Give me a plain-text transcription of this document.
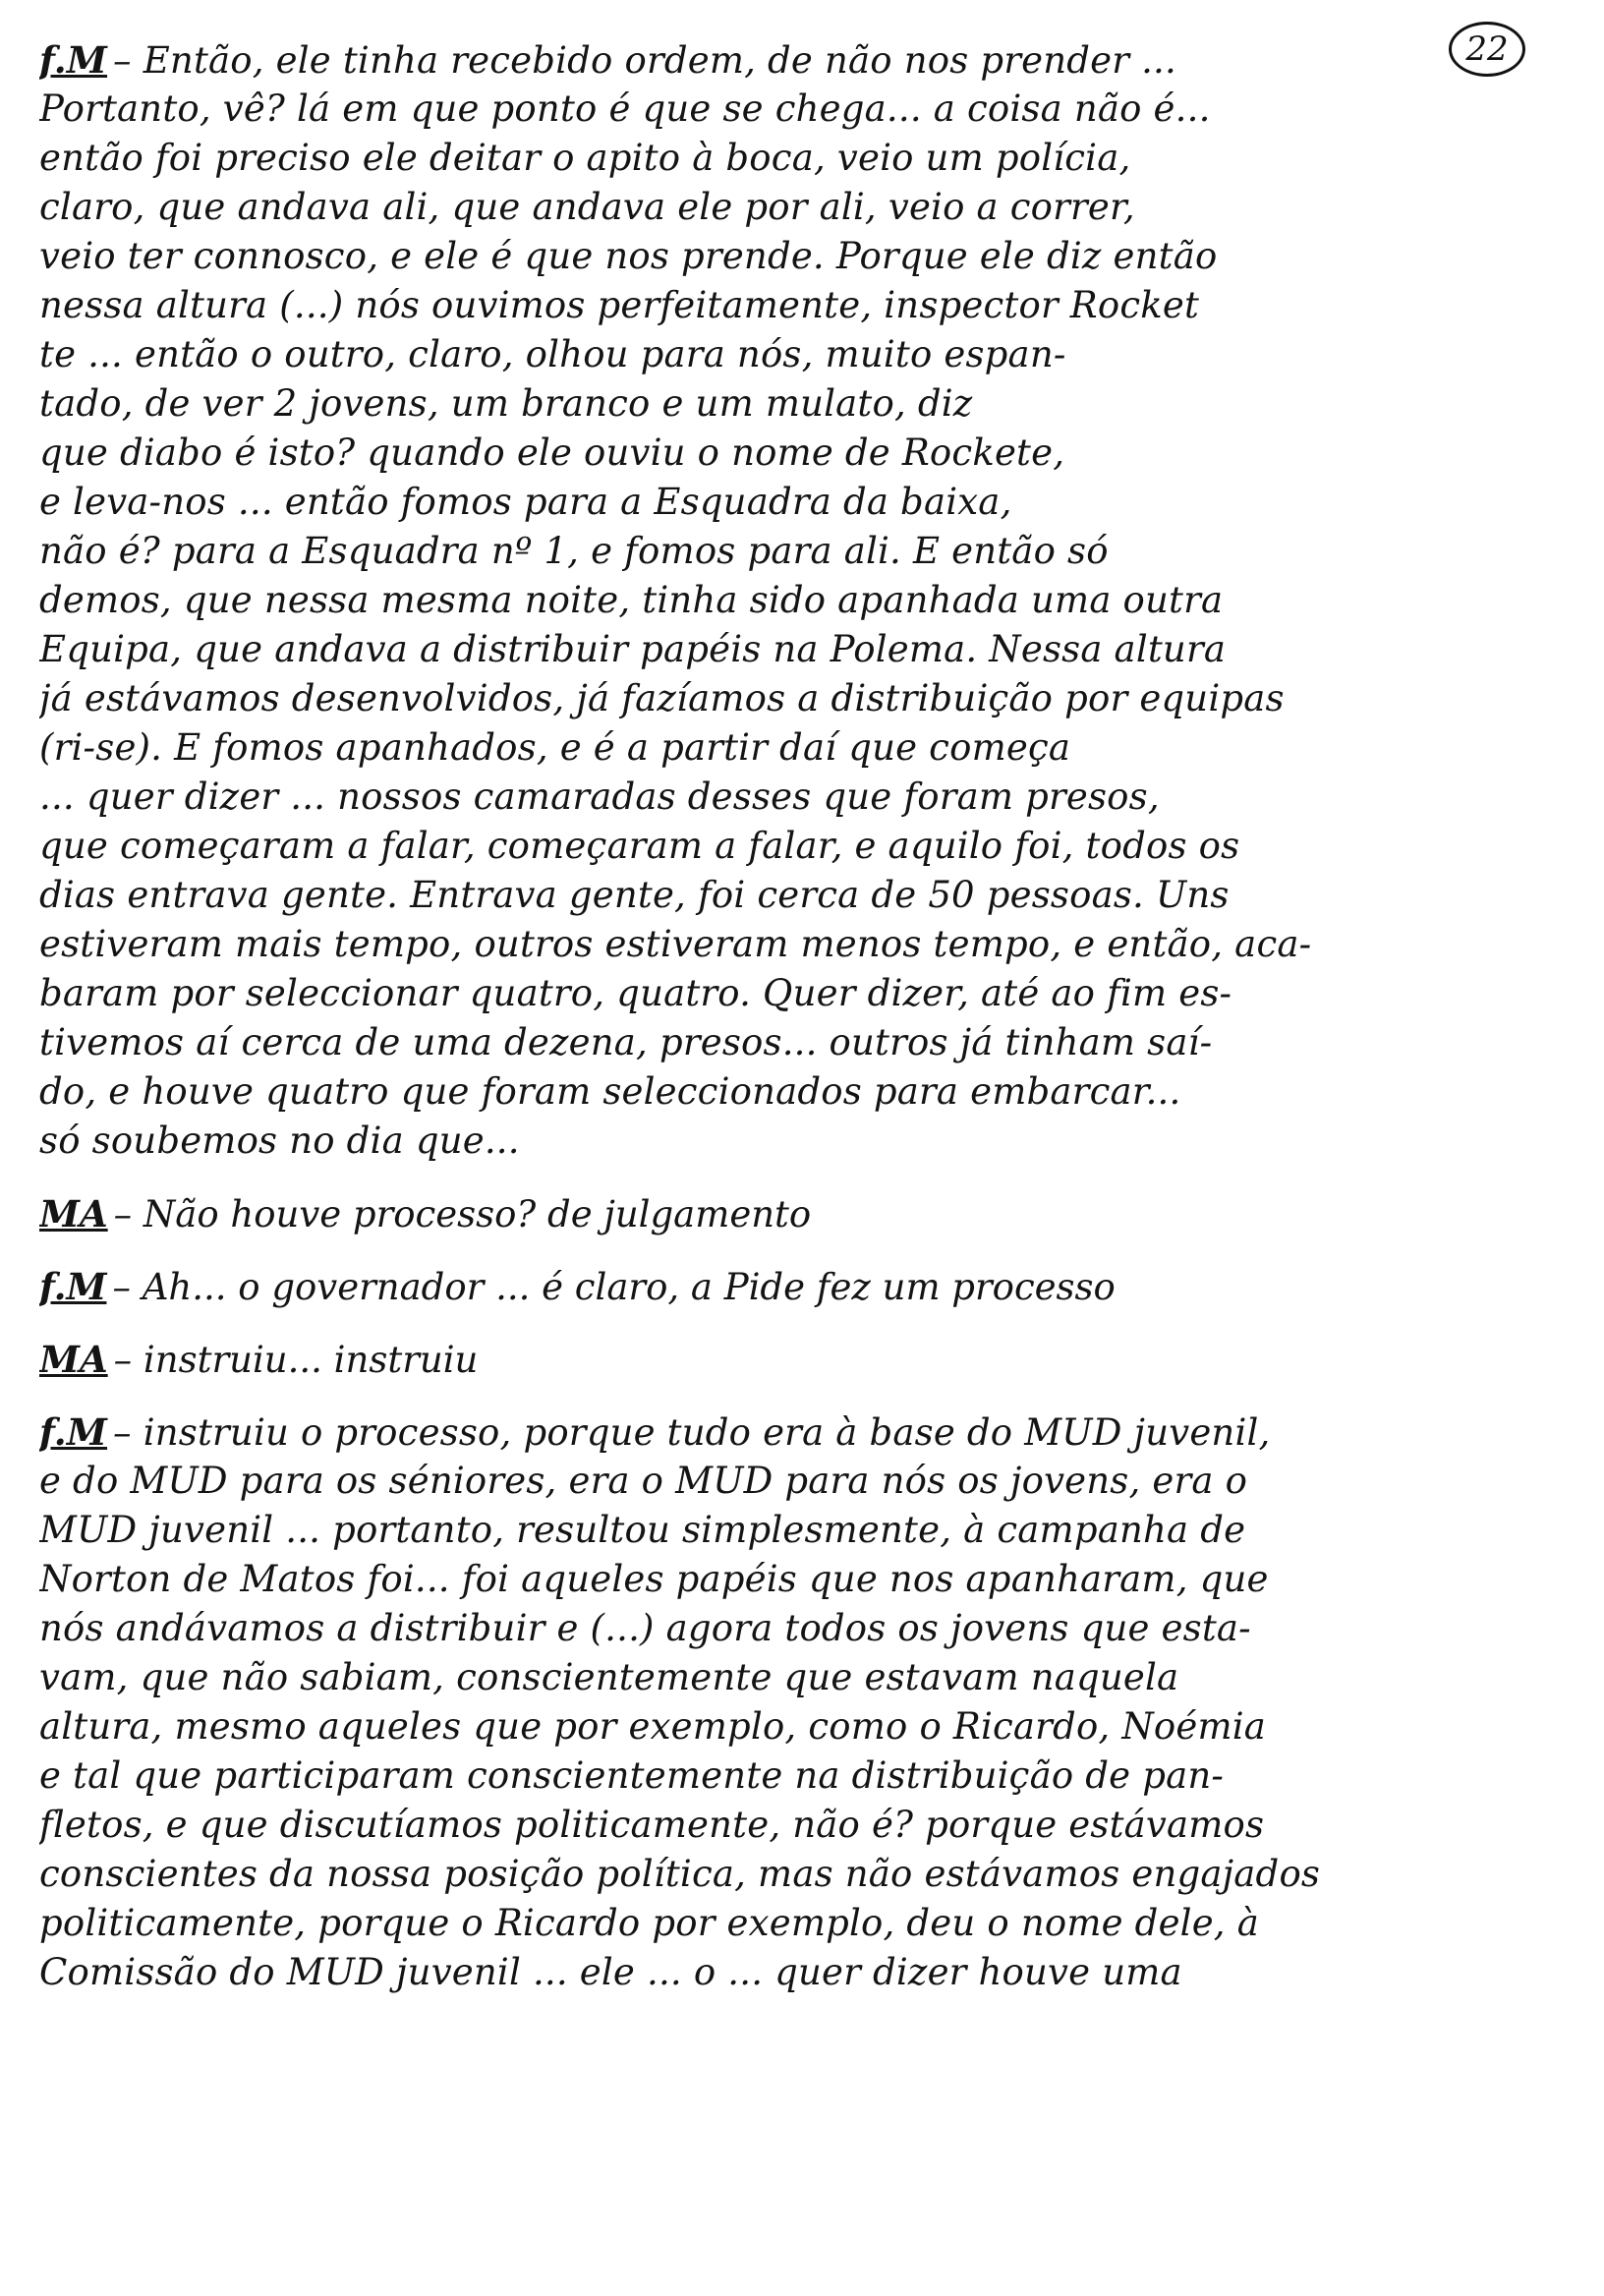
22
f.M – Então, ele tinha recebido ordem, de não nos prender ...
Portanto, vê? lá em que ponto é que se chega... a coisa não é...
então foi preciso ele deitar o apito à boca, veio um polícia,
claro, que andava ali, que andava ele por ali, veio a correr,
veio ter connosco, e ele é que nos prende. Porque ele diz então
nessa altura (...) nós ouvimos perfeitamente, inspector Rocket
te ... então o outro, claro, olhou para nós, muito espan-
tado, de ver 2 jovens, um branco e um mulato, diz
que diabo é isto? quando ele ouviu o nome de Rockete,
e leva-nos ... então fomos para a Esquadra da baixa,
não é? para a Esquadra nº 1, e fomos para ali. E então só
demos, que nessa mesma noite, tinha sido apanhada uma outra
Equipa, que andava a distribuir papéis na Polema. Nessa altura
já estávamos desenvolvidos, já fazíamos a distribuição por equipas
(ri-se). E fomos apanhados, e é a partir daí que começa
... quer dizer ... nossos camaradas desses que foram presos,
que começaram a falar, começaram a falar, e aquilo foi, todos os
dias entrava gente. Entrava gente, foi cerca de 50 pessoas. Uns
estiveram mais tempo, outros estiveram menos tempo, e então, aca-
baram por seleccionar quatro, quatro. Quer dizer, até ao fim es-
tivemos aí cerca de uma dezena, presos... outros já tinham saí-
do, e houve quatro que foram seleccionados para embarcar...
só soubemos no dia que...
MA – Não houve processo? de julgamento
f.M – Ah... o governador ... é claro, a Pide fez um processo
MA – instruiu... instruiu
f.M – instruiu o processo, porque tudo era à base do MUD juvenil,
e do MUD para os séniores, era o MUD para nós os jovens, era o
MUD juvenil ... portanto, resultou simplesmente, à campanha de
Norton de Matos foi... foi aqueles papéis que nos apanharam, que
nós andávamos a distribuir e (...) agora todos os jovens que esta-
vam, que não sabiam, conscientemente que estavam naquela
altura, mesmo aqueles que por exemplo, como o Ricardo, Noémia
e tal que participaram conscientemente na distribuição de pan-
fletos, e que discutíamos politicamente, não é? porque estávamos
conscientes da nossa posição política, mas não estávamos engajados
politicamente, porque o Ricardo por exemplo, deu o nome dele, à
Comissão do MUD juvenil ... ele ... o ... quer dizer houve uma
